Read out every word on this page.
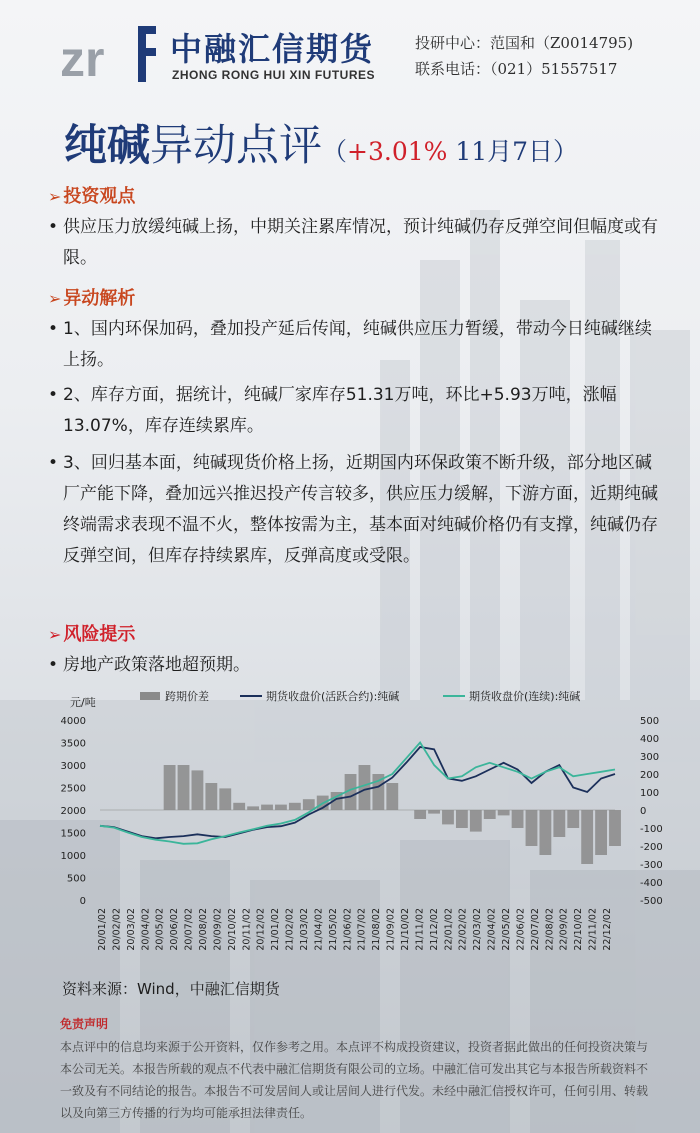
zr 中融汇信期货
ZHONG RONG HUI XIN FUTURES
投研中心：范国和（Z0014795)
联系电话：（021）51557517
纯碱异动点评（+3.01% 11月7日）
➢ 投资观点
• 供应压力放缓纯碱上扬，中期关注累库情况，预计纯碱仍存反弹空间但幅度或有限。
➢ 异动解析
• 1、国内环保加码，叠加投产延后传闻，纯碱供应压力暂缓，带动今日纯碱继续上扬。
• 2、库存方面，据统计，纯碱厂家库存51.31万吨，环比+5.93万吨，涨幅13.07%，库存连续累库。
• 3、回归基本面，纯碱现货价格上扬，近期国内环保政策不断升级，部分地区碱厂产能下降，叠加远兴推迟投产传言较多，供应压力缓解，下游方面，近期纯碱终端需求表现不温不火，整体按需为主，基本面对纯碱价格仍有支撑，纯碱仍存反弹空间，但库存持续累库，反弹高度或受限。
➢ 风险提示
• 房地产政策落地超预期。
元/吨
0
500
1000
1500
2000
2500
3000
3500
4000
-500
-400
-300
-200
-100
0
100
200
300
400
500
跨期价差	期货收盘价(活跃合约):纯碱	期货收盘价(连续):纯碱
20/01/02 20/02/02 20/03/02 20/04/02 20/05/02 20/06/02 20/07/02 20/08/02 20/09/02 20/10/02 20/11/02 20/12/02 21/01/02 21/02/02 21/03/02 21/04/02 21/05/02 21/06/02 21/07/02 21/08/02 21/09/02 21/10/02 21/11/02 21/12/02 22/01/02 22/02/02 22/03/02 22/04/02 22/05/02 22/06/02 22/07/02 22/08/02 22/09/02 22/10/02 22/11/02 22/12/02
资料来源：Wind，中融汇信期货
免责声明
本点评中的信息均来源于公开资料，仅作参考之用。本点评不构成投资建议，投资者据此做出的任何投资决策与本公司无关。本报告所载的观点不代表中融汇信期货有限公司的立场。中融汇信可发出其它与本报告所载资料不一致及有不同结论的报告。本报告不可发居间人或让居间人进行代发。未经中融汇信授权许可，任何引用、转载以及向第三方传播的行为均可能承担法律责任。
